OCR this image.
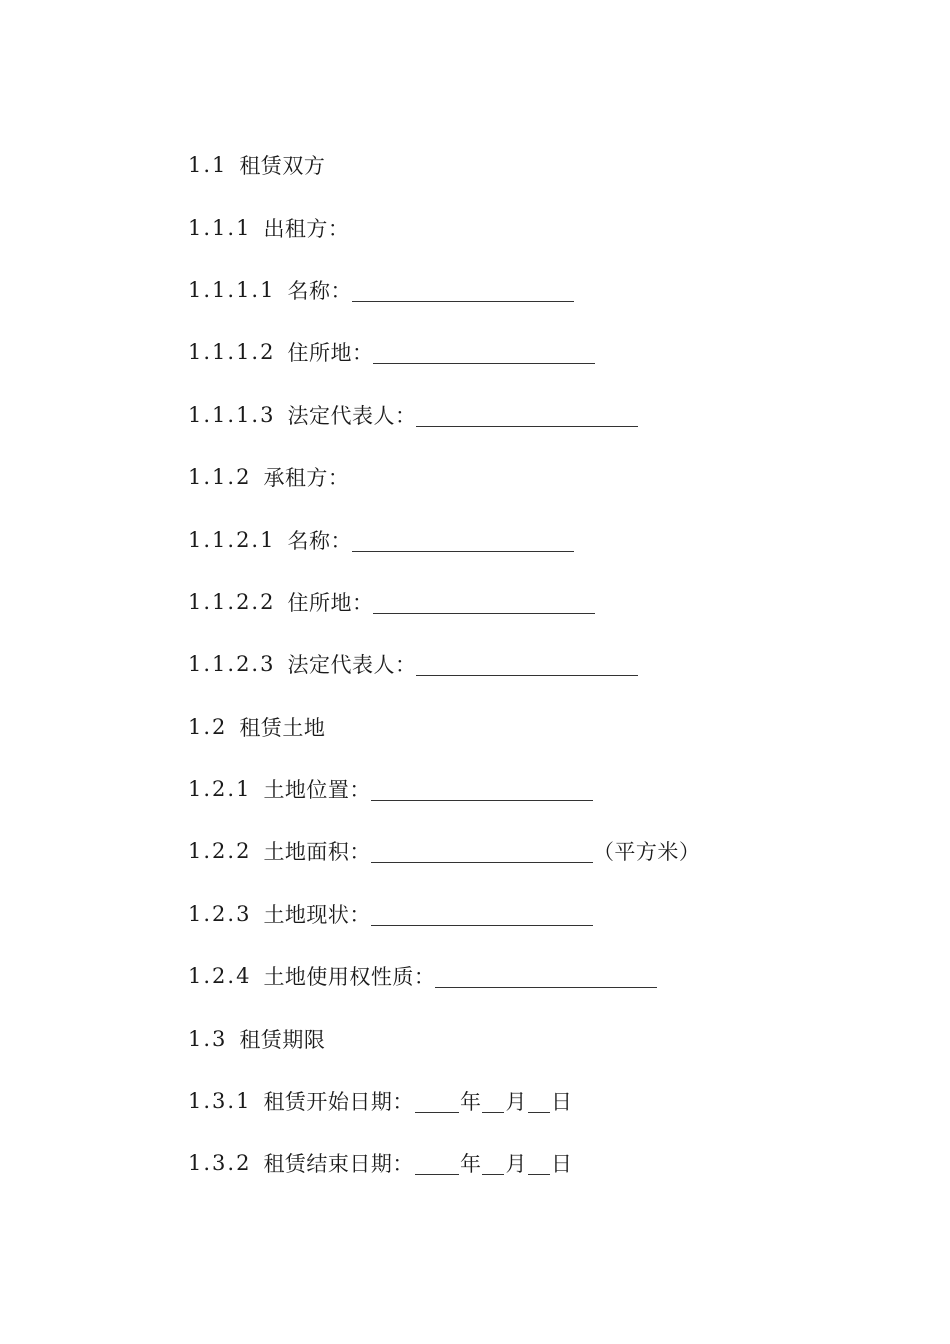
1.1 租赁双方
1.1.1 出租方：
1.1.1.1 名称：
1.1.1.2 住所地：
1.1.1.3 法定代表人：
1.1.2 承租方：
1.1.2.1 名称：
1.1.2.2 住所地：
1.1.2.3 法定代表人：
1.2 租赁土地
1.2.1 土地位置：
1.2.2 土地面积：	（平方米）
1.2.3 土地现状：
1.2.4 土地使用权性质：
1.3 租赁期限
1.3.1 租赁开始日期： 年 月 日
1.3.2 租赁结束日期： 年 月 日
